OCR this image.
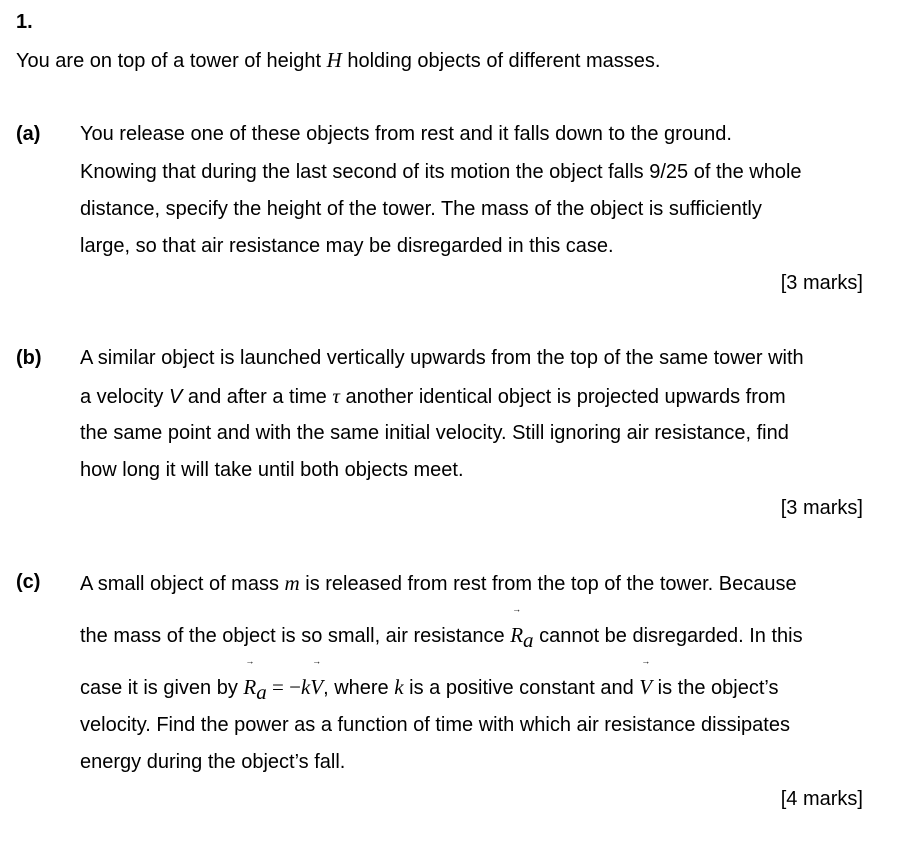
1.
You are on top of a tower of height H holding objects of different masses.
(a) You release one of these objects from rest and it falls down to the ground.
Knowing that during the last second of its motion the object falls 9/25 of the whole
distance, specify the height of the tower. The mass of the object is sufficiently
large, so that air resistance may be disregarded in this case.
[3 marks]
(b) A similar object is launched vertically upwards from the top of the same tower with
a velocity V and after a time τ another identical object is projected upwards from
the same point and with the same initial velocity. Still ignoring air resistance, find
how long it will take until both objects meet.
[3 marks]
(c) A small object of mass m is released from rest from the top of the tower. Because
the mass of the object is so small, air resistance
→
$R_a$ cannot be disregarded. In this
case it is given by
→
$R_a = -k$
→
V, where k is a positive constant and
→
V is the object’s
velocity. Find the power as a function of time with which air resistance dissipates
energy during the object’s fall.
[4 marks]
